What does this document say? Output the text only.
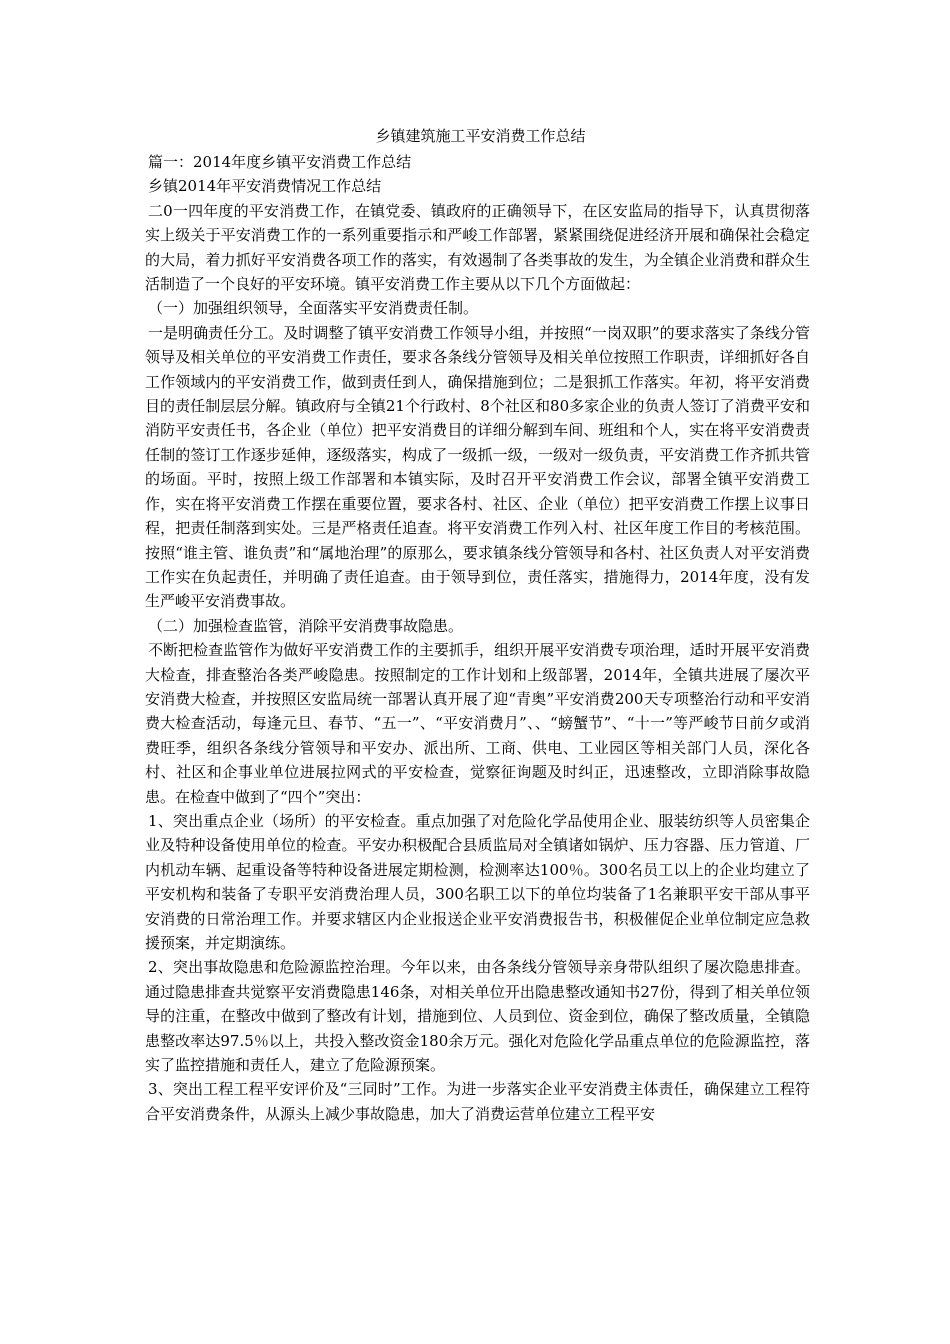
乡镇建筑施工平安消费工作总结

篇一：2014年度乡镇平安消费工作总结

乡镇2014年平安消费情况工作总结

二0一四年度的平安消费工作，在镇党委、镇政府的正确领导下，在区安监局的指导下，认真贯彻落实上级关于平安消费工作的一系列重要指示和严峻工作部署，紧紧围绕促进经济开展和确保社会稳定的大局，着力抓好平安消费各项工作的落实，有效遏制了各类事故的发生，为全镇企业消费和群众生活制造了一个良好的平安环境。镇平安消费工作主要从以下几个方面做起：

（一）加强组织领导，全面落实平安消费责任制。

一是明确责任分工。及时调整了镇平安消费工作领导小组，并按照“一岗双职”的要求落实了条线分管领导及相关单位的平安消费工作责任，要求各条线分管领导及相关单位按照工作职责，详细抓好各自工作领域内的平安消费工作，做到责任到人，确保措施到位；二是狠抓工作落实。年初，将平安消费目的责任制层层分解。镇政府与全镇21个行政村、8个社区和80多家企业的负责人签订了消费平安和消防平安责任书，各企业（单位）把平安消费目的详细分解到车间、班组和个人，实在将平安消费责任制的签订工作逐步延伸，逐级落实，构成了一级抓一级，一级对一级负责，平安消费工作齐抓共管的场面。平时，按照上级工作部署和本镇实际，及时召开平安消费工作会议，部署全镇平安消费工作，实在将平安消费工作摆在重要位置，要求各村、社区、企业（单位）把平安消费工作摆上议事日程，把责任制落到实处。三是严格责任追查。将平安消费工作列入村、社区年度工作目的考核范围。按照“谁主管、谁负责”和“属地治理”的原那么，要求镇条线分管领导和各村、社区负责人对平安消费工作实在负起责任，并明确了责任追查。由于领导到位，责任落实，措施得力，2014年度，没有发生严峻平安消费事故。

（二）加强检查监管，消除平安消费事故隐患。

不断把检查监管作为做好平安消费工作的主要抓手，组织开展平安消费专项治理，适时开展平安消费大检查，排查整治各类严峻隐患。按照制定的工作计划和上级部署，2014年，全镇共进展了屡次平安消费大检查，并按照区安监局统一部署认真开展了迎“青奥”平安消费200天专项整治行动和平安消费大检查活动，每逢元旦、春节、“五一”、“平安消费月”、、“螃蟹节”、“十一”等严峻节日前夕或消费旺季，组织各条线分管领导和平安办、派出所、工商、供电、工业园区等相关部门人员，深化各村、社区和企事业单位进展拉网式的平安检查，觉察征询题及时纠正，迅速整改，立即消除事故隐患。在检查中做到了“四个”突出：

1、突出重点企业（场所）的平安检查。重点加强了对危险化学品使用企业、服装纺织等人员密集企业及特种设备使用单位的检查。平安办积极配合县质监局对全镇诸如锅炉、压力容器、压力管道、厂内机动车辆、起重设备等特种设备进展定期检测，检测率达100％。300名员工以上的企业均建立了平安机构和装备了专职平安消费治理人员，300名职工以下的单位均装备了1名兼职平安干部从事平安消费的日常治理工作。并要求辖区内企业报送企业平安消费报告书，积极催促企业单位制定应急救援预案，并定期演练。

2、突出事故隐患和危险源监控治理。今年以来，由各条线分管领导亲身带队组织了屡次隐患排查。通过隐患排查共觉察平安消费隐患146条，对相关单位开出隐患整改通知书27份，得到了相关单位领导的注重，在整改中做到了整改有计划，措施到位、人员到位、资金到位，确保了整改质量，全镇隐患整改率达97.5％以上，共投入整改资金180余万元。强化对危险化学品重点单位的危险源监控，落实了监控措施和责任人，建立了危险源预案。

3、突出工程工程平安评价及“三同时”工作。为进一步落实企业平安消费主体责任，确保建立工程符合平安消费条件，从源头上减少事故隐患，加大了消费运营单位建立工程平安
